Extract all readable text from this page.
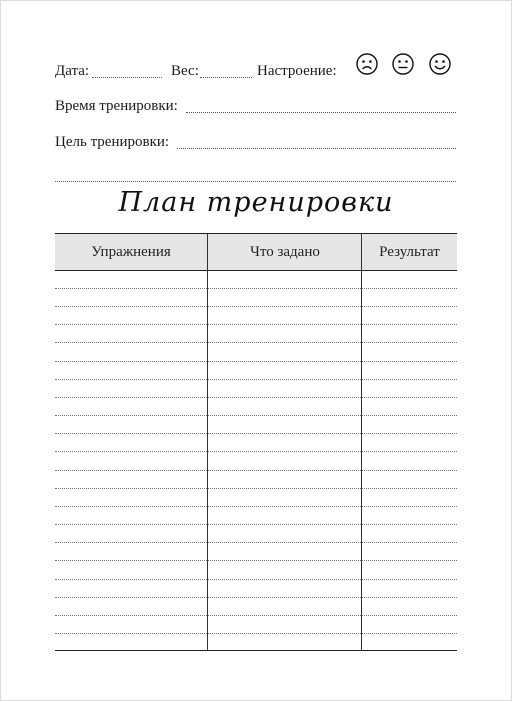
Дата:	Вес:	Настроение:
Время тренировки:
Цель тренировки:
План тренировки
Упражнения	Что задано	Результат
